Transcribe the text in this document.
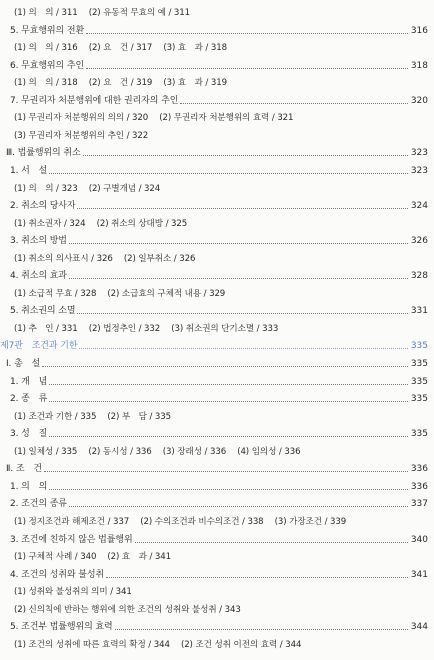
(1) 의　의 / 311　 (2) 유동적 무효의 예 / 311
5. 무효행위의 전환	316
(1) 의　의 / 316　 (2) 요　건 / 317　 (3) 효　과 / 318
6. 무효행위의 추인	318
(1) 의　의 / 318　 (2) 요　건 / 319　 (3) 효　과 / 319
7. 무권리자 처분행위에 대한 권리자의 추인	320
(1) 무권리자 처분행위의 의의 / 320　 (2) 무권리자 처분행위의 효력 / 321
(3) 무권리자 처분행위의 추인 / 322
Ⅲ. 법률행위의 취소	323
1. 서　설	323
(1) 의　의 / 323　 (2) 구별개념 / 324
2. 취소의 당사자	324
(1) 취소권자 / 324　 (2) 취소의 상대방 / 325
3. 취소의 방법	326
(1) 취소의 의사표시 / 326　 (2) 일부취소 / 326
4. 취소의 효과	328
(1) 소급적 무효 / 328　 (2) 소급효의 구체적 내용 / 329
5. 취소권의 소멸	331
(1) 추　인 / 331　 (2) 법정추인 / 332　 (3) 취소권의 단기소멸 / 333
제7관　조건과 기한	335
Ⅰ. 총　설	335
1. 개　념	335
2. 종　류	335
(1) 조건과 기한 / 335　 (2) 부　담 / 335
3. 성　질	335
(1) 일체성 / 335　 (2) 동시성 / 336　 (3) 장래성 / 336　 (4) 임의성 / 336
Ⅱ. 조　건	336
1. 의　의	336
2. 조건의 종류	337
(1) 정지조건과 해제조건 / 337　 (2) 수의조건과 비수의조건 / 338　 (3) 가장조건 / 339
3. 조건에 친하지 않은 법률행위	340
(1) 구체적 사례 / 340　 (2) 효　과 / 341
4. 조건의 성취와 불성취	341
(1) 성취와 불성취의 의미 / 341
(2) 신의칙에 반하는 행위에 의한 조건의 성취와 불성취 / 343
5. 조건부 법률행위의 효력	344
(1) 조건의 성취에 따른 효력의 확정 / 344　 (2) 조건 성취 이전의 효력 / 344
